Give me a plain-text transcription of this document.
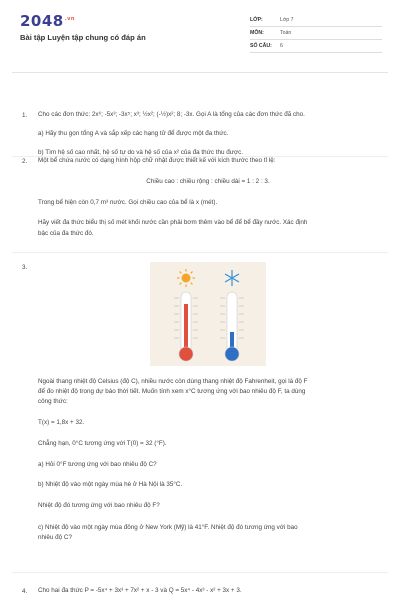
$2048^{.vn}$
Bài tập Luyện tập chung có đáp án
LỚP:	Lớp 7
MÔN:	Toán
SỐ CÂU:	6
1. Cho các đơn thức: 2x⁶; -5x³; -3x⁵; x³; ½x²; (-½)x²; 8; -3x. Gọi A là tổng của các đơn thức đã cho.
a) Hãy thu gọn tổng A và sắp xếp các hạng tử để được một đa thức.
b) Tìm hệ số cao nhất, hệ số tự do và hệ số của x² của đa thức thu được.
2. Một bể chứa nước có dạng hình hộp chữ nhật được thiết kế với kích thước theo tỉ lệ:
Chiều cao : chiều rộng : chiều dài = 1 : 2 : 3.
Trong bể hiện còn 0,7 m³ nước. Gọi chiều cao của bể là x (mét).
Hãy viết đa thức biểu thị số mét khối nước cần phải bơm thêm vào bể để bể đầy nước. Xác định
bậc của đa thức đó.
3.
Ngoài thang nhiệt độ Celsius (độ C), nhiều nước còn dùng thang nhiệt độ Fahrenheit, gọi là độ F
để đo nhiệt độ trong dự báo thời tiết. Muốn tính xem x°C tương ứng với bao nhiêu độ F, ta dùng
công thức:
T(x) = 1,8x + 32.
Chẳng hạn, 0°C tương ứng với T(0) = 32 (°F).
a) Hỏi 0°F tương ứng với bao nhiêu độ C?
b) Nhiệt độ vào một ngày mùa hè ở Hà Nội là 35°C.
Nhiệt độ đó tương ứng với bao nhiêu độ F?
c) Nhiệt độ vào một ngày mùa đông ở New York (Mỹ) là 41°F. Nhiệt độ đó tương ứng với bao
nhiêu độ C?
4. Cho hai đa thức P = -5x⁴ + 3x³ + 7x² + x - 3 và Q = 5x⁴ - 4x³ - x² + 3x + 3.
